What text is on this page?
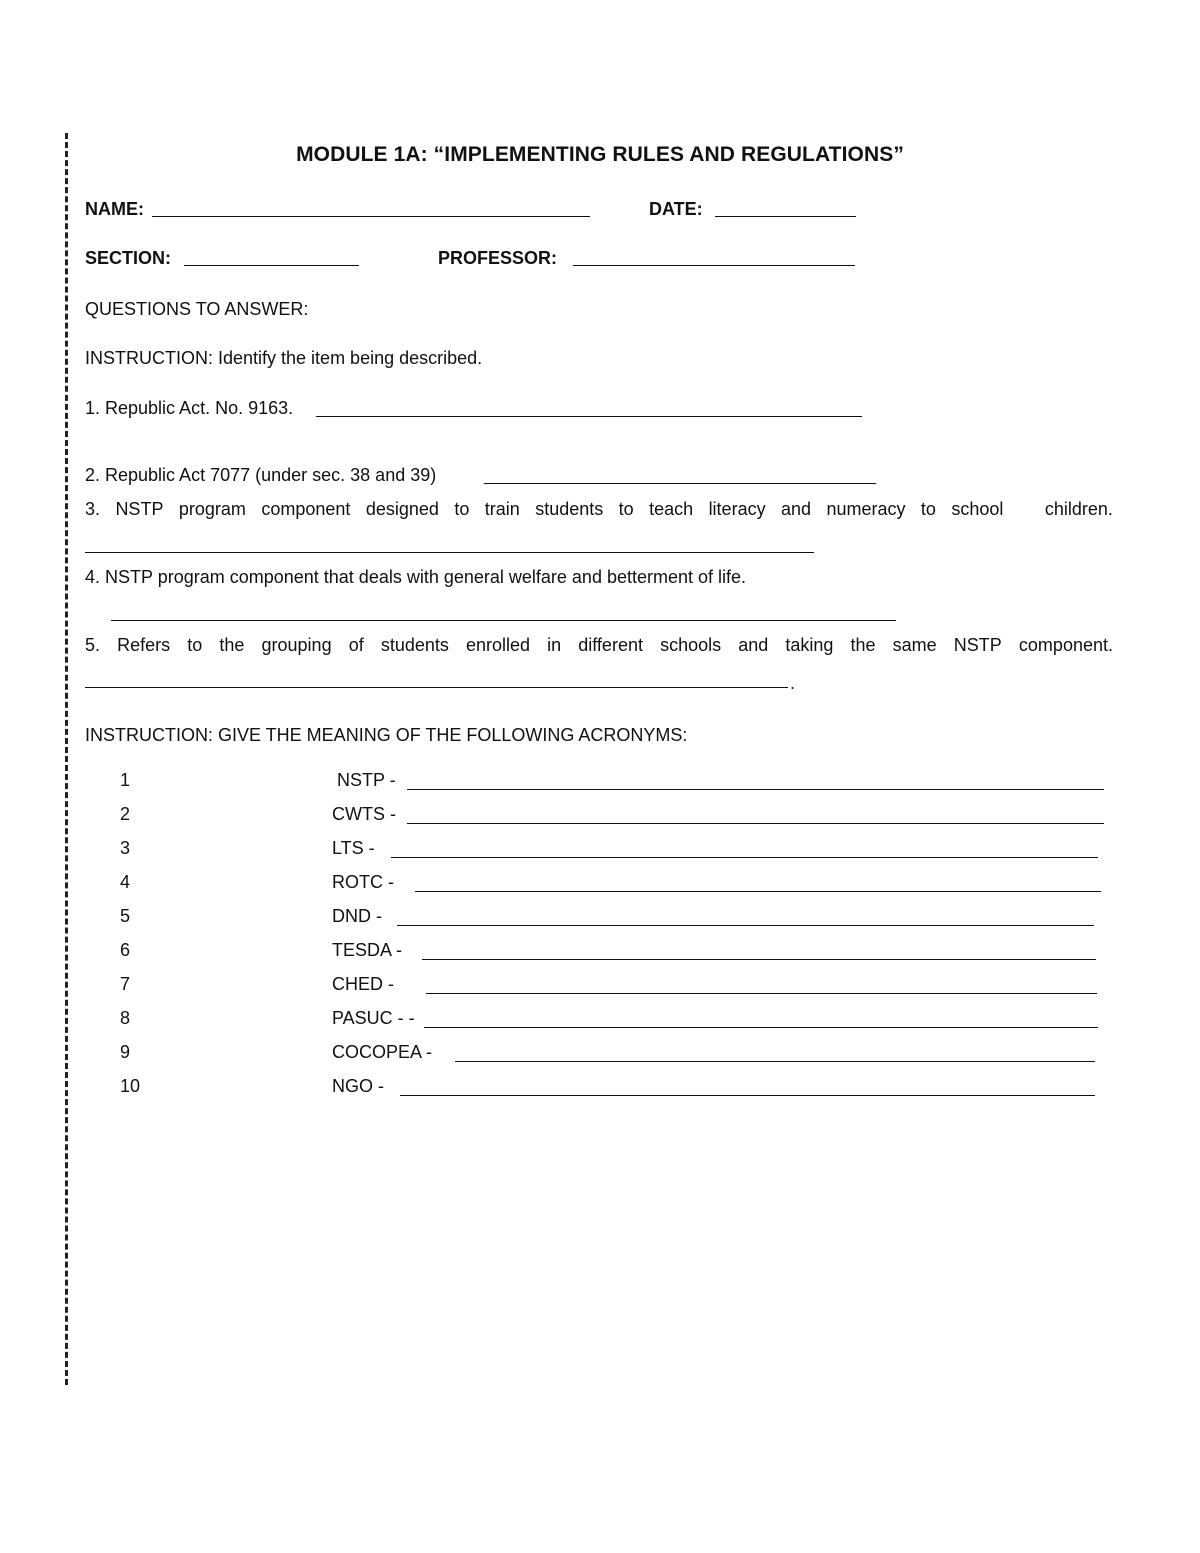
MODULE 1A: “IMPLEMENTING RULES AND REGULATIONS”
NAME:	DATE:
SECTION:	PROFESSOR:
QUESTIONS TO ANSWER:
INSTRUCTION: Identify the item being described.
1. Republic Act. No. 9163.
2. Republic Act 7077 (under sec. 38 and 39)
3. NSTP program component designed to train students to teach literacy and numeracy to school children.
4. NSTP program component that deals with general welfare and betterment of life.
5. Refers to the grouping of students enrolled in different schools and taking the same NSTP component.
.
INSTRUCTION: GIVE THE MEANING OF THE FOLLOWING ACRONYMS:
1	NSTP -
2	CWTS -
3	LTS -
4	ROTC -
5	DND -
6	TESDA -
7	CHED -
8	PASUC - -
9	COCOPEA -
10	NGO -
